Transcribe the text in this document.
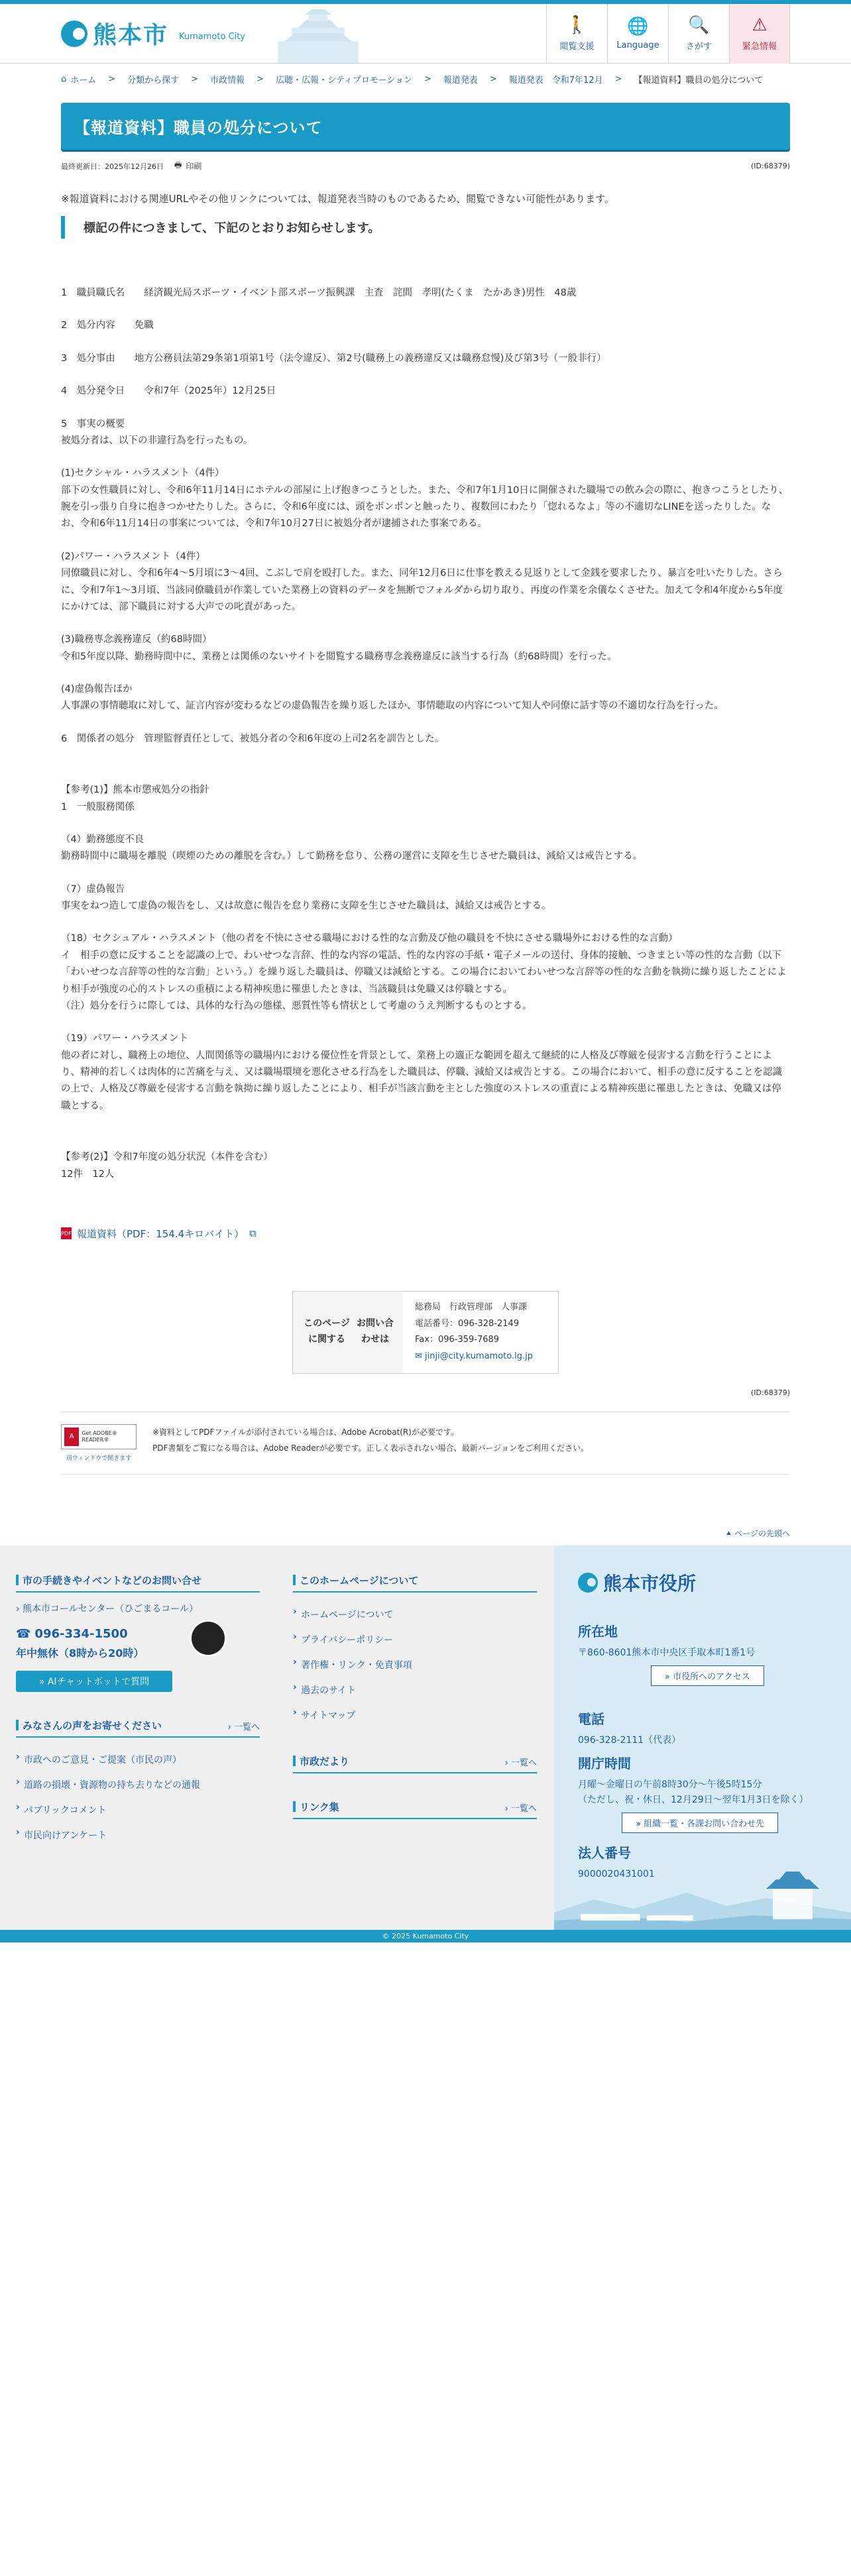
熊本市 Kumamoto City
🚶
閲覧支援
🌐
Language
🔍
さがす
⚠
緊急情報
⌂ ホーム > 分類から探す > 市政情報 > 広聴・広報・シティプロモーション > 報道発表 > 報道発表　令和7年12月 > 【報道資料】職員の処分について
【報道資料】職員の処分について
最終更新日：2025年12月26日 🖶 印刷	(ID:68379)

※報道資料における関連URLやその他リンクについては、報道発表当時のものであるため、閲覧できない可能性があります。

標記の件につきまして、下記のとおりお知らせします。

1　職員職氏名　　経済観光局スポーツ・イベント部スポーツ振興課　主査　詫間　孝明(たくま　たかあき)男性　48歳

2　処分内容　　免職

3　処分事由　　地方公務員法第29条第1項第1号（法令違反）、第2号(職務上の義務違反又は職務怠慢)及び第3号（一般非行）

4　処分発令日　　令和7年（2025年）12月25日

5　事実の概要

被処分者は、以下の非違行為を行ったもの。

(1)セクシャル・ハラスメント（4件）

部下の女性職員に対し、令和6年11月14日にホテルの部屋に上げ抱きつこうとした。また、令和7年1月10日に開催された職場での飲み会の際に、抱きつこうとしたり、腕を引っ張り自身に抱きつかせたりした。さらに、令和6年度には、頭をポンポンと触ったり、複数回にわたり「惚れるなよ」等の不適切なLINEを送ったりした。なお、令和6年11月14日の事案については、令和7年10月27日に被処分者が逮捕された事案である。

(2)パワー・ハラスメント（4件）

同僚職員に対し、令和6年4～5月頃に3～4回、こぶしで肩を殴打した。また、同年12月6日に仕事を教える見返りとして金銭を要求したり、暴言を吐いたりした。さらに、令和7年1～3月頃、当該同僚職員が作業していた業務上の資料のデータを無断でフォルダから切り取り、再度の作業を余儀なくさせた。加えて令和4年度から5年度にかけては、部下職員に対する大声での叱責があった。

(3)職務専念義務違反（約68時間）

令和5年度以降、勤務時間中に、業務とは関係のないサイトを閲覧する職務専念義務違反に該当する行為（約68時間）を行った。

(4)虚偽報告ほか

人事課の事情聴取に対して、証言内容が変わるなどの虚偽報告を繰り返したほか、事情聴取の内容について知人や同僚に話す等の不適切な行為を行った。

6　関係者の処分　管理監督責任として、被処分者の令和6年度の上司2名を訓告とした。

【参考(1)】熊本市懲戒処分の指針

1　一般服務関係

（4）勤務態度不良

勤務時間中に職場を離脱（喫煙のための離脱を含む。）して勤務を怠り、公務の運営に支障を生じさせた職員は、減給又は戒告とする。

（7）虚偽報告

事実をねつ造して虚偽の報告をし、又は故意に報告を怠り業務に支障を生じさせた職員は、減給又は戒告とする。

（18）セクシュアル・ハラスメント（他の者を不快にさせる職場における性的な言動及び他の職員を不快にさせる職場外における性的な言動）

イ　相手の意に反することを認識の上で、わいせつな言辞、性的な内容の電話、性的な内容の手紙・電子メールの送付、身体的接触、つきまとい等の性的な言動（以下「わいせつな言辞等の性的な言動」という。）を繰り返した職員は、停職又は減給とする。この場合においてわいせつな言辞等の性的な言動を執拗に繰り返したことにより相手が強度の心的ストレスの重積による精神疾患に罹患したときは、当該職員は免職又は停職とする。

（注）処分を行うに際しては、具体的な行為の態様、悪質性等も情状として考慮のうえ判断するものとする。

（19）パワー・ハラスメント

他の者に対し、職務上の地位、人間関係等の職場内における優位性を背景として、業務上の適正な範囲を超えて継続的に人格及び尊厳を侵害する言動を行うことにより、精神的若しくは肉体的に苦痛を与え、又は職場環境を悪化させる行為をした職員は、停職、減給又は戒告とする。この場合において、相手の意に反することを認識の上で、人格及び尊厳を侵害する言動を執拗に繰り返したことにより、相手が当該言動を主とした強度のストレスの重責による精神疾患に罹患したときは、免職又は停職とする。

【参考(2)】令和7年度の処分状況（本件を含む）

12件　12人

PDF 報道資料（PDF：154.4キロバイト） ⧉
このページに関する

お問い合わせは
総務局　行政管理部　人事課
電話番号：096-328-2149
Fax：096-359-7689
✉ jinji@city.kumamoto.lg.jp
(ID:68379)
A	Get ADOBE® READER®
別ウィンドウで開きます
※資料としてPDFファイルが添付されている場合は、Adobe Acrobat(R)が必要です。
PDF書類をご覧になる場合は、Adobe Readerが必要です。正しく表示されない場合、最新バージョンをご利用ください。
⯅ ページの先頭へ
市の手続きやイベントなどのお問い合せ
› 熊本市コールセンター（ひごまるコール）
☎ 096-334-1500
年中無休（8時から20時）
» AIチャットボットで質問
みなさんの声をお寄せください	› 一覧へ
› 市政へのご意見・ご提案（市民の声）
› 道路の損壊・資源物の持ち去りなどの通報
› パブリックコメント
› 市民向けアンケート
このホームページについて
› ホームページについて
› プライバシーポリシー
› 著作権・リンク・免責事項
› 過去のサイト
› サイトマップ
市政だより	› 一覧へ
リンク集	› 一覧へ
熊本市役所
所在地
〒860-8601熊本市中央区手取本町1番1号
» 市役所へのアクセス
電話
096-328-2111（代表）
開庁時間
月曜～金曜日の午前8時30分～午後5時15分
（ただし、祝・休日、12月29日～翌年1月3日を除く）
» 組織一覧・各課お問い合わせ先
法人番号
9000020431001
© 2025 Kumamoto City
